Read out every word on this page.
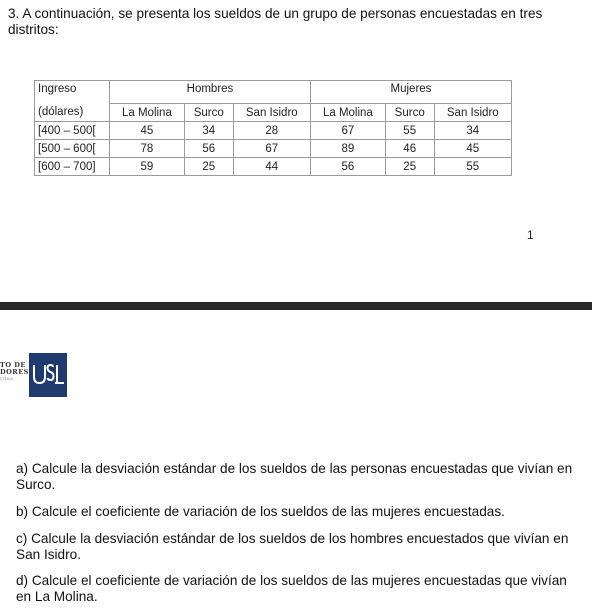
3. A continuación, se presenta los sueldos de un grupo de personas encuestadas en tres distritos:
Ingreso	Hombres			Mujeres		
(dólares)	La Molina	Surco	San Isidro	La Molina	Surco	San Isidro
[400 – 500[	45	34	28	67	55	34
[500 – 600[	78	56	67	89	46	45
[600 – 700]	59	25	44	56	25	55
1
TO DE
DORES
rdus
a) Calcule la desviación estándar de los sueldos de las personas encuestadas que vivían en Surco.
b) Calcule el coeficiente de variación de los sueldos de las mujeres encuestadas.
c) Calcule la desviación estándar de los sueldos de los hombres encuestados que vivían en San Isidro.
d) Calcule el coeficiente de variación de los sueldos de las mujeres encuestadas que vivían en La Molina.
